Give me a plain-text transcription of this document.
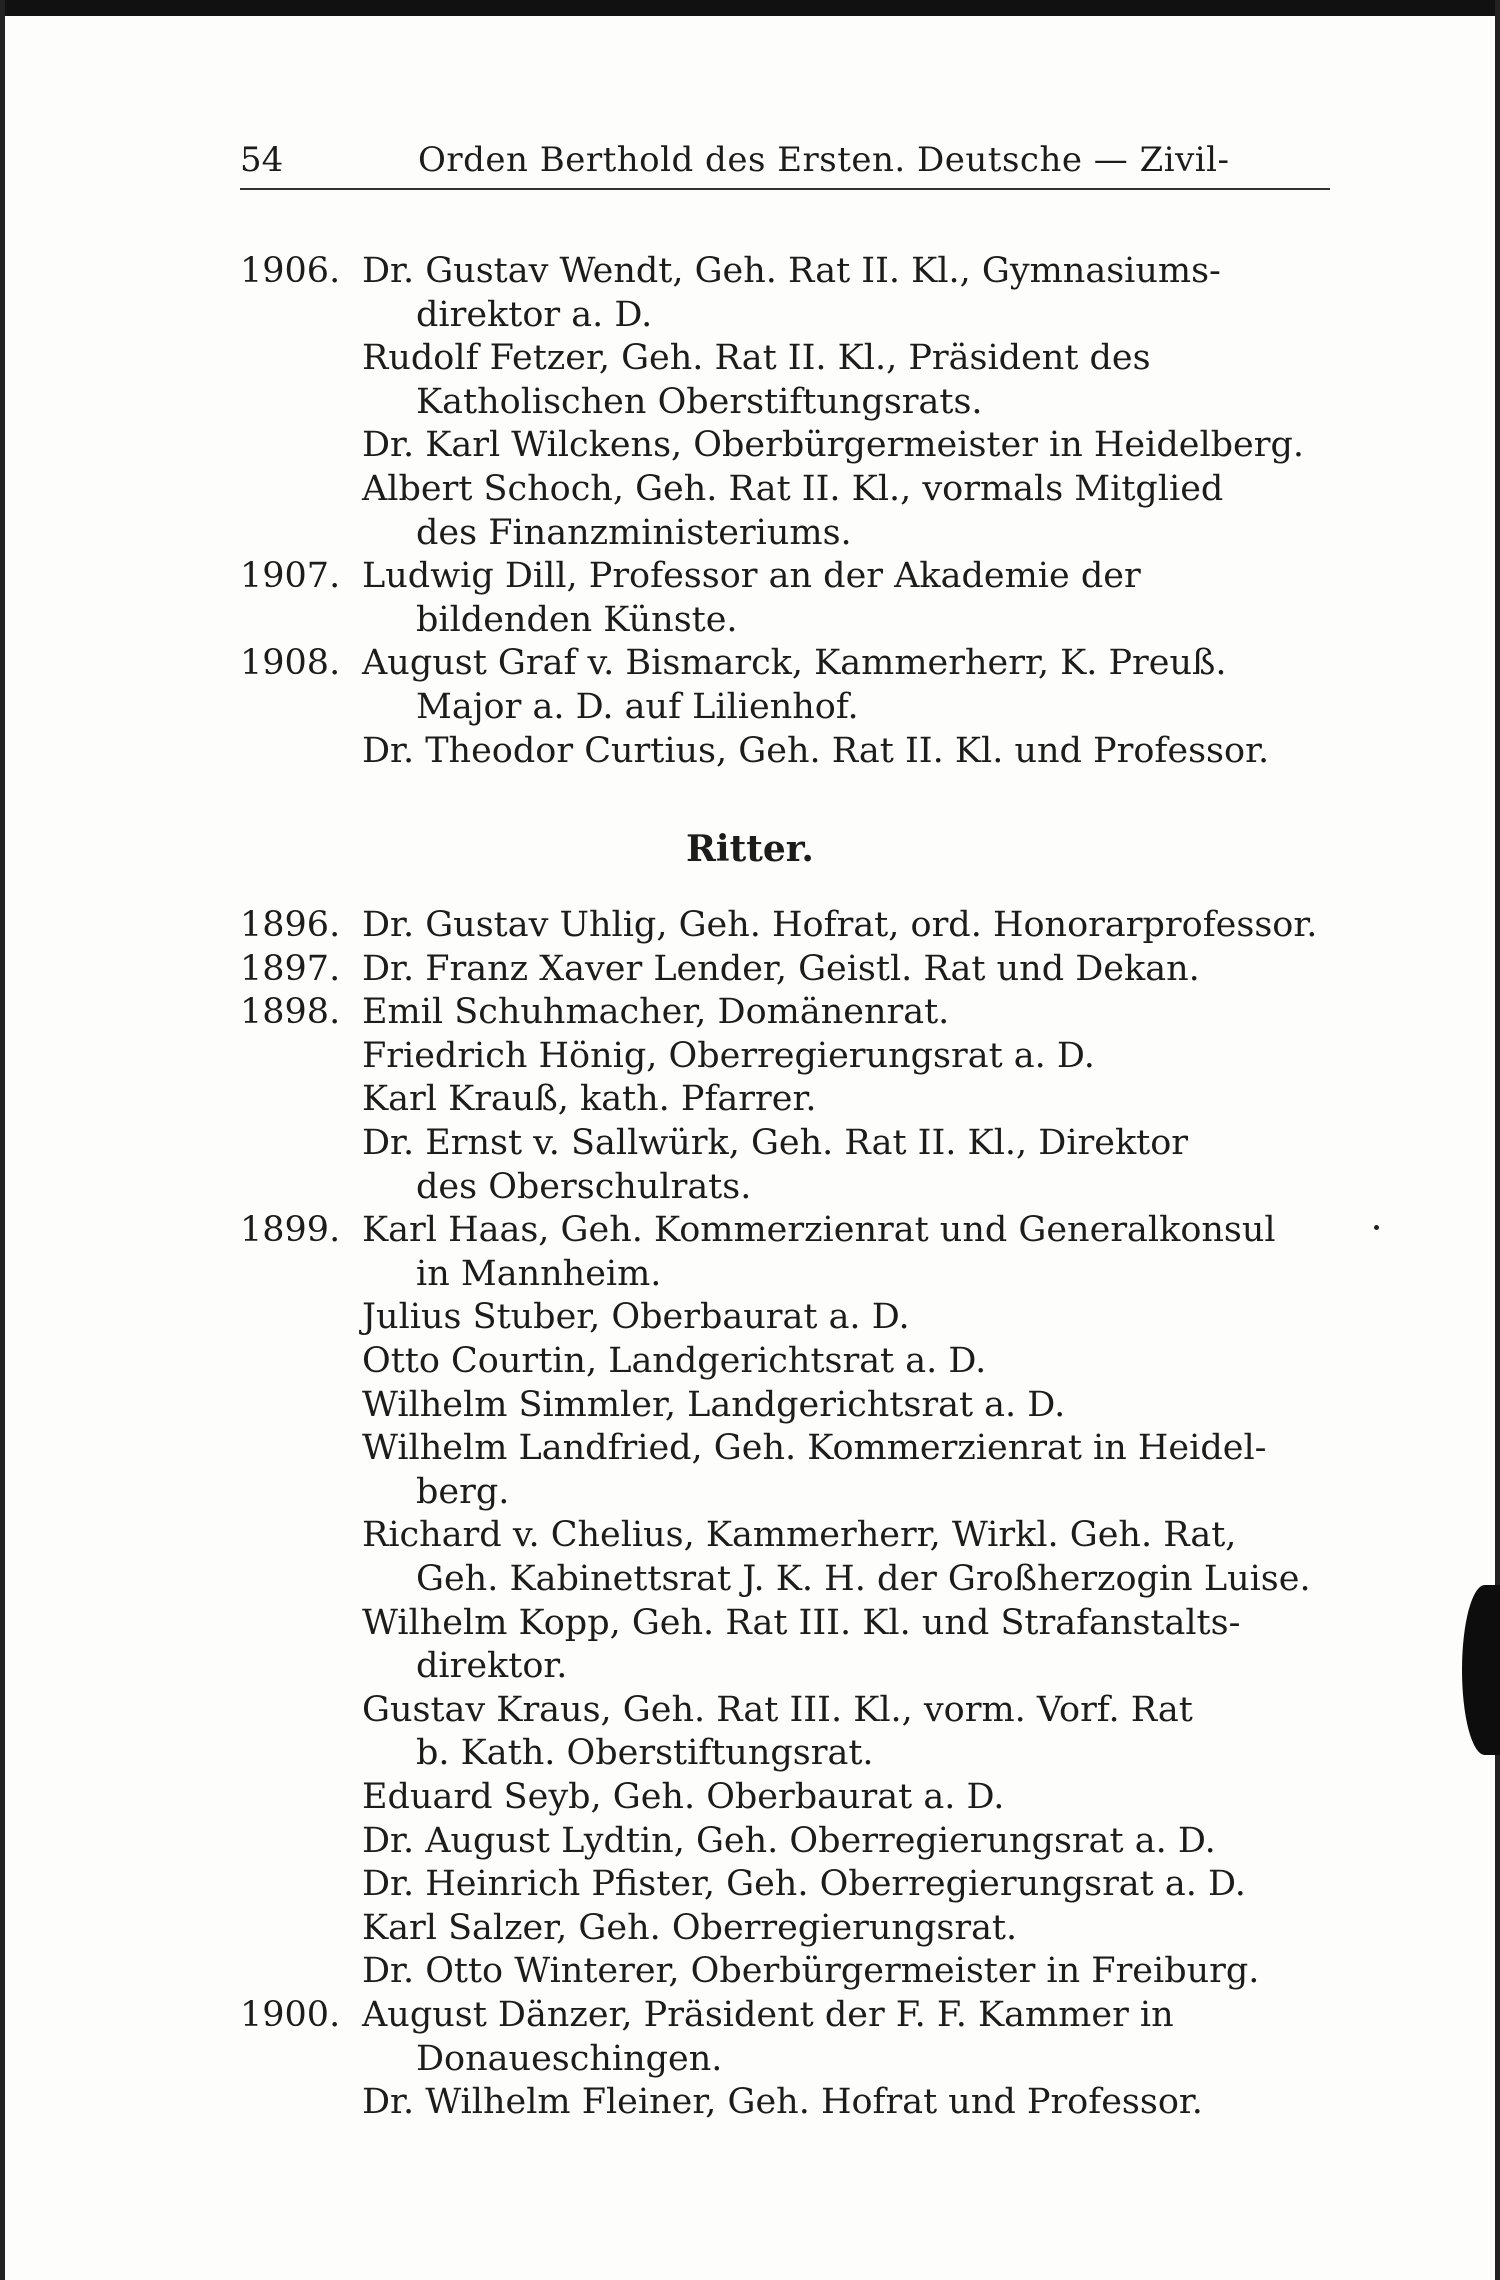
54	Orden Berthold des Ersten. Deutsche — Zivil-
Ritter.
1906. Dr. Gustav Wendt, Geh. Rat II. Kl., Gymnasiums-
direktor a. D.
Rudolf Fetzer, Geh. Rat II. Kl., Präsident des
Katholischen Oberstiftungsrats.
Dr. Karl Wilckens, Oberbürgermeister in Heidelberg.
Albert Schoch, Geh. Rat II. Kl., vormals Mitglied
des Finanzministeriums.
1907. Ludwig Dill, Professor an der Akademie der
bildenden Künste.
1908. August Graf v. Bismarck, Kammerherr, K. Preuß.
Major a. D. auf Lilienhof.
Dr. Theodor Curtius, Geh. Rat II. Kl. und Professor.
1896. Dr. Gustav Uhlig, Geh. Hofrat, ord. Honorarprofessor.
1897. Dr. Franz Xaver Lender, Geistl. Rat und Dekan.
1898. Emil Schuhmacher, Domänenrat.
Friedrich Hönig, Oberregierungsrat a. D.
Karl Krauß, kath. Pfarrer.
Dr. Ernst v. Sallwürk, Geh. Rat II. Kl., Direktor
des Oberschulrats.
1899. Karl Haas, Geh. Kommerzienrat und Generalkonsul
in Mannheim.
Julius Stuber, Oberbaurat a. D.
Otto Courtin, Landgerichtsrat a. D.
Wilhelm Simmler, Landgerichtsrat a. D.
Wilhelm Landfried, Geh. Kommerzienrat in Heidel-
berg.
Richard v. Chelius, Kammerherr, Wirkl. Geh. Rat,
Geh. Kabinettsrat J. K. H. der Großherzogin Luise.
Wilhelm Kopp, Geh. Rat III. Kl. und Strafanstalts-
direktor.
Gustav Kraus, Geh. Rat III. Kl., vorm. Vorf. Rat
b. Kath. Oberstiftungsrat.
Eduard Seyb, Geh. Oberbaurat a. D.
Dr. August Lydtin, Geh. Oberregierungsrat a. D.
Dr. Heinrich Pfister, Geh. Oberregierungsrat a. D.
Karl Salzer, Geh. Oberregierungsrat.
Dr. Otto Winterer, Oberbürgermeister in Freiburg.
1900. August Dänzer, Präsident der F. F. Kammer in
Donaueschingen.
Dr. Wilhelm Fleiner, Geh. Hofrat und Professor.
